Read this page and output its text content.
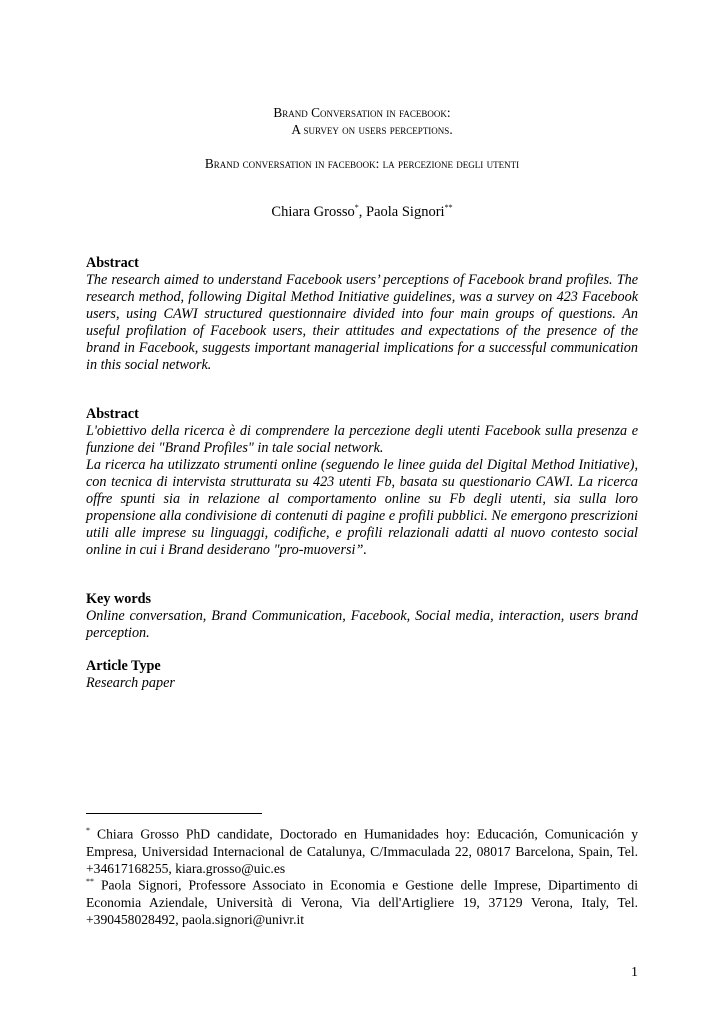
Brand Conversation in facebook:
A survey on users perceptions.
Brand conversation in facebook: la percezione degli utenti
Chiara Grosso*, Paola Signori**
Abstract
The research aimed to understand Facebook users’ perceptions of Facebook brand profiles. The research method, following Digital Method Initiative guidelines, was a survey on 423 Facebook users, using CAWI structured questionnaire divided into four main groups of questions. An useful profilation of Facebook users, their attitudes and expectations of the presence of the brand in Facebook, suggests important managerial implications for a successful communication in this social network.
Abstract
L'obiettivo della ricerca è di comprendere la percezione degli utenti Facebook sulla presenza e funzione dei "Brand Profiles" in tale social network.
La ricerca ha utilizzato strumenti online (seguendo le linee guida del Digital Method Initiative), con tecnica di intervista strutturata su 423 utenti Fb, basata su questionario CAWI. La ricerca offre spunti sia in relazione al comportamento online su Fb degli utenti, sia sulla loro propensione alla condivisione di contenuti di pagine e profili pubblici. Ne emergono prescrizioni utili alle imprese su linguaggi, codifiche, e profili relazionali adatti al nuovo contesto social online in cui i Brand desiderano "pro-muoversi”.
Key words
Online conversation, Brand Communication, Facebook, Social media, interaction, users brand perception.
Article Type
Research paper
* Chiara Grosso PhD candidate, Doctorado en Humanidades hoy: Educación, Comunicación y Empresa, Universidad Internacional de Catalunya, C/Immaculada 22, 08017 Barcelona, Spain, Tel. +34617168255, kiara.grosso@uic.es
** Paola Signori, Professore Associato in Economia e Gestione delle Imprese, Dipartimento di Economia Aziendale, Università di Verona, Via dell'Artigliere 19, 37129 Verona, Italy, Tel. +390458028492, paola.signori@univr.it
1
